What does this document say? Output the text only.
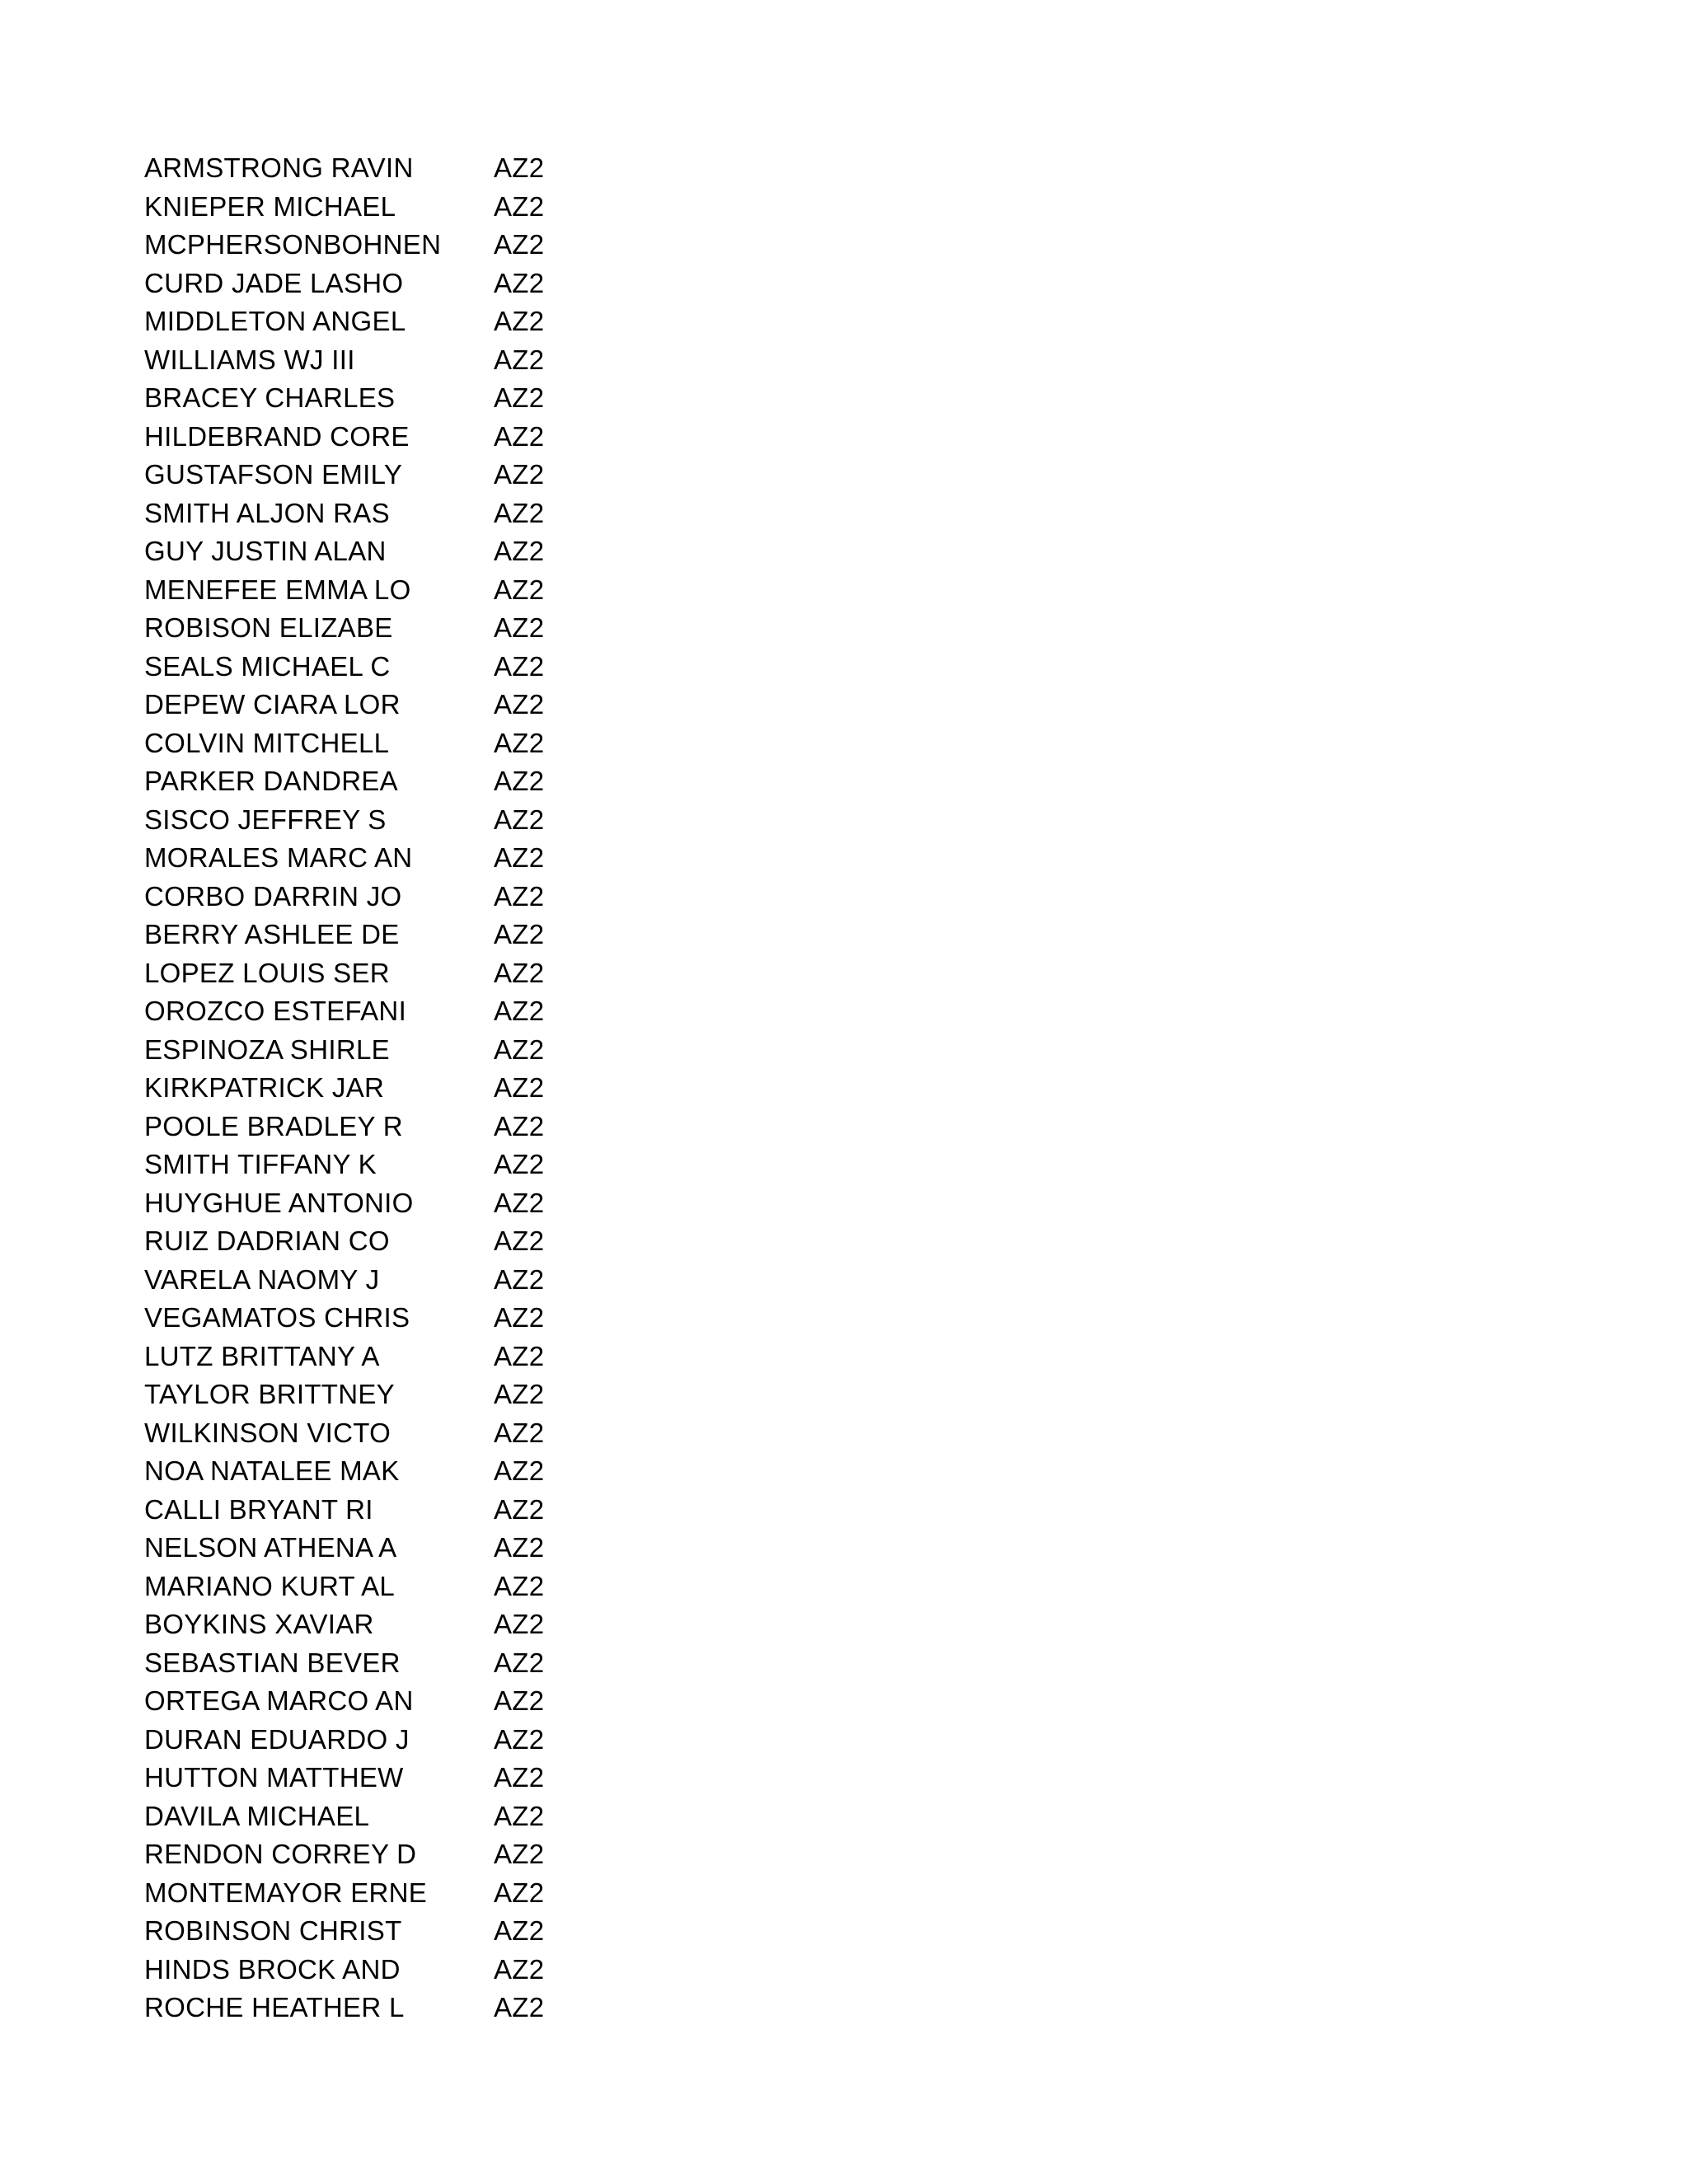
ARMSTRONG RAVIN	AZ2
KNIEPER MICHAEL	AZ2
MCPHERSONBOHNEN AZ2
CURD JADE LASHO	AZ2
MIDDLETON ANGEL	AZ2
WILLIAMS WJ III	AZ2
BRACEY CHARLES	AZ2
HILDEBRAND CORE	AZ2
GUSTAFSON EMILY	AZ2
SMITH ALJON RAS	AZ2
GUY JUSTIN ALAN	AZ2
MENEFEE EMMA LO	AZ2
ROBISON ELIZABE	AZ2
SEALS MICHAEL C	AZ2
DEPEW CIARA LOR	AZ2
COLVIN MITCHELL	AZ2
PARKER DANDREA	AZ2
SISCO JEFFREY S	AZ2
MORALES MARC AN	AZ2
CORBO DARRIN JO	AZ2
BERRY ASHLEE DE	AZ2
LOPEZ LOUIS SER	AZ2
OROZCO ESTEFANI	AZ2
ESPINOZA SHIRLE	AZ2
KIRKPATRICK JAR	AZ2
POOLE BRADLEY R	AZ2
SMITH TIFFANY K	AZ2
HUYGHUE ANTONIO	AZ2
RUIZ DADRIAN CO	AZ2
VARELA NAOMY J	AZ2
VEGAMATOS CHRIS	AZ2
LUTZ BRITTANY A	AZ2
TAYLOR BRITTNEY	AZ2
WILKINSON VICTO	AZ2
NOA NATALEE MAK	AZ2
CALLI BRYANT RI	AZ2
NELSON ATHENA A	AZ2
MARIANO KURT AL	AZ2
BOYKINS XAVIAR	AZ2
SEBASTIAN BEVER	AZ2
ORTEGA MARCO AN	AZ2
DURAN EDUARDO J	AZ2
HUTTON MATTHEW	AZ2
DAVILA MICHAEL	AZ2
RENDON CORREY D	AZ2
MONTEMAYOR ERNE AZ2
ROBINSON CHRIST	AZ2
HINDS BROCK AND	AZ2
ROCHE HEATHER L	AZ2
